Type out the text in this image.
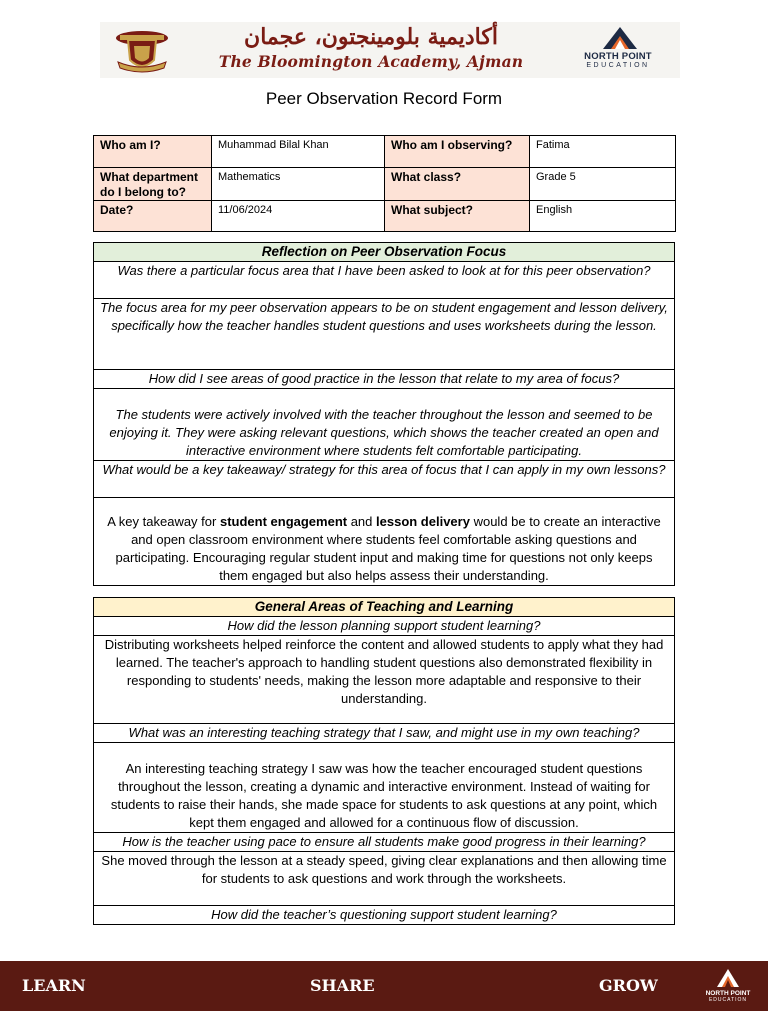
أكاديمية بلومينجتون، عجمان
The Bloomington Academy, Ajman	NORTH POINT
EDUCATION
Peer Observation Record Form
Who am I?	Muhammad Bilal Khan	Who am I observing?	Fatima
What department do I belong to?	Mathematics	What class?	Grade 5
Date?	11/06/2024	What subject?	English
Reflection on Peer Observation Focus
Was there a particular focus area that I have been asked to look at for this peer observation?
The focus area for my peer observation appears to be on student engagement and lesson delivery, specifically how the teacher handles student questions and uses worksheets during the lesson.
How did I see areas of good practice in the lesson that relate to my area of focus?
The students were actively involved with the teacher throughout the lesson and seemed to be enjoying it. They were asking relevant questions, which shows the teacher created an open and interactive environment where students felt comfortable participating.
What would be a key takeaway/ strategy for this area of focus that I can apply in my own lessons?
A key takeaway for student engagement and lesson delivery would be to create an interactive and open classroom environment where students feel comfortable asking questions and participating. Encouraging regular student input and making time for questions not only keeps them engaged but also helps assess their understanding.
General Areas of Teaching and Learning
How did the lesson planning support student learning?
Distributing worksheets helped reinforce the content and allowed students to apply what they had learned. The teacher's approach to handling student questions also demonstrated flexibility in responding to students' needs, making the lesson more adaptable and responsive to their understanding.
What was an interesting teaching strategy that I saw, and might use in my own teaching?
An interesting teaching strategy I saw was how the teacher encouraged student questions throughout the lesson, creating a dynamic and interactive environment. Instead of waiting for students to raise their hands, she made space for students to ask questions at any point, which kept them engaged and allowed for a continuous flow of discussion.
How is the teacher using pace to ensure all students make good progress in their learning?
She moved through the lesson at a steady speed, giving clear explanations and then allowing time for students to ask questions and work through the worksheets.
How did the teacher’s questioning support student learning?
LEARN	SHARE	GROW	NORTH POINT
EDUCATION
